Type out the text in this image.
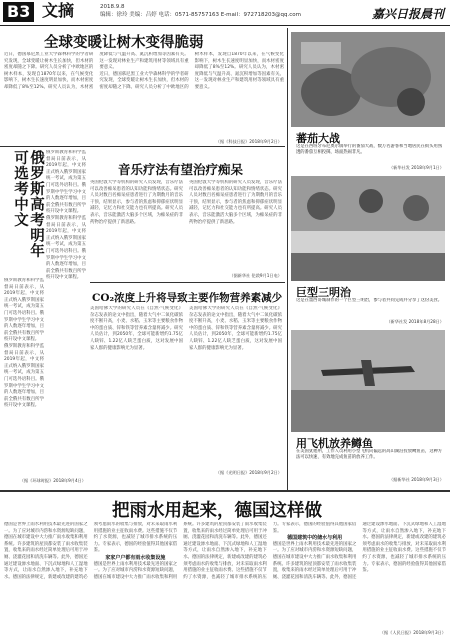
B3 文摘	2018.9.8
编辑：徐玲 美编：吕婷 电话：0571-85757163 E-mail：972718203@qq.com	嘉兴日报晨刊
全球变暖让树木变得脆弱
近日，德国慕尼黑工业大学森林科学的学者研究发现，全球变暖让树木生长加快，但木材的密度却随之下降。研究人员分析了中欧地区的树木样本，发现自1870年以来，在气候变化影响下，树木生长速度明显加快，而木材密度却降低了8%至12%。研究人员认为，木材密度降低与气温升高、氮沉积增加等因素有关。这一发现对林业生产和建筑用材等领域具有重要意义。
近日，德国慕尼黑工业大学森林科学的学者研究发现，全球变暖让树木生长加快，但木材的密度却随之下降。研究人员分析了中欧地区的树木样本，发现自1870年以来，在气候变化影响下，树木生长速度明显加快，而木材密度却降低了8%至12%。研究人员认为，木材密度降低与气温升高、氮沉积增加等因素有关。这一发现对林业生产和建筑用材等领域具有重要意义。
（据《科技日报》2018年9月2日）
俄罗斯高考明年可选考中文	俄罗斯教育和科学监督局日前表示，从2019年起，中文将正式纳入俄罗斯国家统一考试，成为第五门可选外语科目。俄罗斯中学生学习中文的人数逐年增加，目前全俄共有数百所学校开设中文课程。
俄罗斯教育和科学监督局日前表示，从2019年起，中文将正式纳入俄罗斯国家统一考试，成为第五门可选外语科目。俄罗斯中学生学习中文的人数逐年增加，目前全俄共有数百所学校开设中文课程。
俄罗斯教育和科学监督局日前表示，从2019年起，中文将正式纳入俄罗斯国家统一考试，成为第五门可选外语科目。俄罗斯中学生学习中文的人数逐年增加，目前全俄共有数百所学校开设中文课程。
俄罗斯教育和科学监督局日前表示，从2019年起，中文将正式纳入俄罗斯国家统一考试，成为第五门可选外语科目。俄罗斯中学生学习中文的人数逐年增加，目前全俄共有数百所学校开设中文课程。
（据《环球时报》2018年9月4日）
音乐疗法有望治疗痴呆
英国伦敦大学等机构的研究人员发现，音乐疗法可以改善痴呆患者的认知功能和情绪状态。研究人员对数百名痴呆症患者进行了为期数月的音乐干预，结果显示，参与者的焦虑和抑郁症状明显减轻，记忆力和社交能力也有所提高。研究人员表示，音乐能激活大脑多个区域，为痴呆症的非药物治疗提供了新思路。
英国伦敦大学等机构的研究人员发现，音乐疗法可以改善痴呆患者的认知功能和情绪状态。研究人员对数百名痴呆症患者进行了为期数月的音乐干预，结果显示，参与者的焦虑和抑郁症状明显减轻，记忆力和社交能力也有所提高。研究人员表示，音乐能激活大脑多个区域，为痴呆症的非药物治疗提供了新思路。
（据新华社 伦敦9月1日电）
CO₂浓度上升将导致主要作物营养素减少
美国哈佛大学的研究人员在《自然·气候变化》杂志发表的论文中指出，随着大气中二氧化碳浓度不断升高，小麦、水稻、玉米等主要粮食作物中的蛋白质、锌和铁等营养素含量将减少。研究人员估计，到2050年，全球可能新增约1.75亿人缺锌、1.22亿人缺乏蛋白质，这对发展中国家人群的健康影响尤为显著。
美国哈佛大学的研究人员在《自然·气候变化》杂志发表的论文中指出，随着大气中二氧化碳浓度不断升高，小麦、水稻、玉米等主要粮食作物中的蛋白质、锌和铁等营养素含量将减少。研究人员估计，到2050年，全球可能新增约1.75亿人缺锌、1.22亿人缺乏蛋白质，这对发展中国家人群的健康影响尤为显著。
（据《光明日报》2018年9月2日）
蕃茄大战
这是在西班牙布尼奥尔镇举行的番茄大战，数万名游客和当地居民在街头用熟透的番茄互相投掷，场面热闹非凡。
（新华社发 2018年9月1日）
巨型三明治
这是在墨西哥城制作的一个巨型三明治，参与者共同完成并分享了这份美食。
（新华社发 2018年8月28日）
用飞机放养鳟鱼
在美国犹他州，工作人员利用小型飞机向偏远的高山湖泊投放鳟鱼苗，这种方法可以快速、有效地完成鱼苗的放养工作。
（据新华社 2018年9月3日）
把雨水用起来，德国这样做
德国是世界上雨水利用技术最先进的国家之一。为了应对城市内涝和水资源短缺问题，德国在城市建设中大力推广雨水收集和利用系统。许多建筑的屋顶都安装了雨水收集装置，收集来的雨水经过简单处理后可用于冲厕、浇灌花园和清洗车辆等。此外，德国还通过建设渗水地面、下沉式绿地和人工湿地等方式，让雨水自然渗入地下，补充地下水。德国的法律规定，新建或改建的建筑必须考虑雨水的收集与排放，对未采取雨水利用措施的业主征收雨水费。这些措施不仅节约了水资源，也减轻了城市排水系统的压力。专家表示，德国的经验值得其他国家借鉴。
家家户户都有雨水收集设施
德国是世界上雨水利用技术最先进的国家之一。为了应对城市内涝和水资源短缺问题，德国在城市建设中大力推广雨水收集和利用系统。许多建筑的屋顶都安装了雨水收集装置，收集来的雨水经过简单处理后可用于冲厕、浇灌花园和清洗车辆等。此外，德国还通过建设渗水地面、下沉式绿地和人工湿地等方式，让雨水自然渗入地下，补充地下水。德国的法律规定，新建或改建的建筑必须考虑雨水的收集与排放，对未采取雨水利用措施的业主征收雨水费。这些措施不仅节约了水资源，也减轻了城市排水系统的压力。专家表示，德国的经验值得其他国家借鉴。
德国建筑中的储水与利用
德国是世界上雨水利用技术最先进的国家之一。为了应对城市内涝和水资源短缺问题，德国在城市建设中大力推广雨水收集和利用系统。许多建筑的屋顶都安装了雨水收集装置，收集来的雨水经过简单处理后可用于冲厕、浇灌花园和清洗车辆等。此外，德国还通过建设渗水地面、下沉式绿地和人工湿地等方式，让雨水自然渗入地下，补充地下水。德国的法律规定，新建或改建的建筑必须考虑雨水的收集与排放，对未采取雨水利用措施的业主征收雨水费。这些措施不仅节约了水资源，也减轻了城市排水系统的压力。专家表示，德国的经验值得其他国家借鉴。
（据《人民日报》2018年9月3日）
